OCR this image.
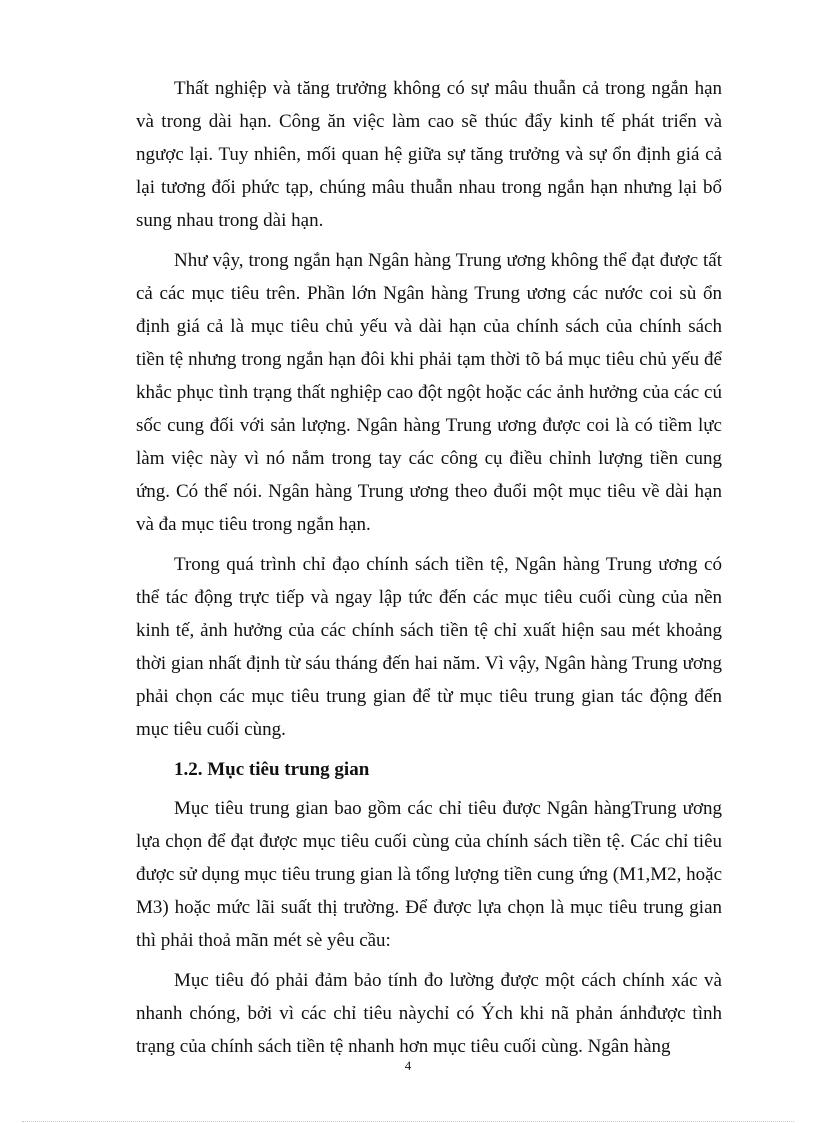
Thất nghiệp và tăng trưởng không có sự mâu thuẫn cả trong ngắn hạn và trong dài hạn. Công ăn việc làm cao sẽ thúc đẩy kinh tế phát triển và ngược lại. Tuy nhiên, mối quan hệ giữa sự tăng trưởng và sự ổn định giá cả lại tương đối phức tạp, chúng mâu thuẫn nhau trong ngắn hạn nhưng lại bổ sung nhau trong dài hạn.

Như vậy, trong ngắn hạn Ngân hàng Trung ương không thể đạt được tất cả các mục tiêu trên. Phần lớn Ngân hàng Trung ương các nước coi sù ổn định giá cả là mục tiêu chủ yếu và dài hạn của chính sách của chính sách tiền tệ nhưng trong ngắn hạn đôi khi phải tạm thời tõ bá mục tiêu chủ yếu để khắc phục tình trạng thất nghiệp cao đột ngột hoặc các ảnh hưởng của các cú sốc cung đối với sản lượng. Ngân hàng Trung ương được coi là có tiềm lực làm việc này vì nó nắm trong tay các công cụ điều chỉnh lượng tiền cung ứng. Có thể nói. Ngân hàng Trung ương theo đuổi một mục tiêu về dài hạn và đa mục tiêu trong ngắn hạn.

Trong quá trình chỉ đạo chính sách tiền tệ, Ngân hàng Trung ương có thể tác động trực tiếp và ngay lập tức đến các mục tiêu cuối cùng của nền kinh tế, ảnh hưởng của các chính sách tiền tệ chỉ xuất hiện sau mét khoảng thời gian nhất định từ sáu tháng đến hai năm. Vì vậy, Ngân hàng Trung ương phải chọn các mục tiêu trung gian để từ mục tiêu trung gian tác động đến mục tiêu cuối cùng.

1.2. Mục tiêu trung gian

Mục tiêu trung gian bao gồm các chỉ tiêu được Ngân hàngTrung ương lựa chọn để đạt được mục tiêu cuối cùng của chính sách tiền tệ. Các chỉ tiêu được sử dụng mục tiêu trung gian là tổng lượng tiền cung ứng (M1,M2, hoặc M3) hoặc mức lãi suất thị trường. Để được lựa chọn là mục tiêu trung gian thì phải thoả mãn mét sè yêu cầu:

Mục tiêu đó phải đảm bảo tính đo lường được một cách chính xác và nhanh chóng, bởi vì các chỉ tiêu nàychỉ có Ých khi nã phản ánhđược tình trạng của chính sách tiền tệ nhanh hơn mục tiêu cuối cùng. Ngân hàng

4
